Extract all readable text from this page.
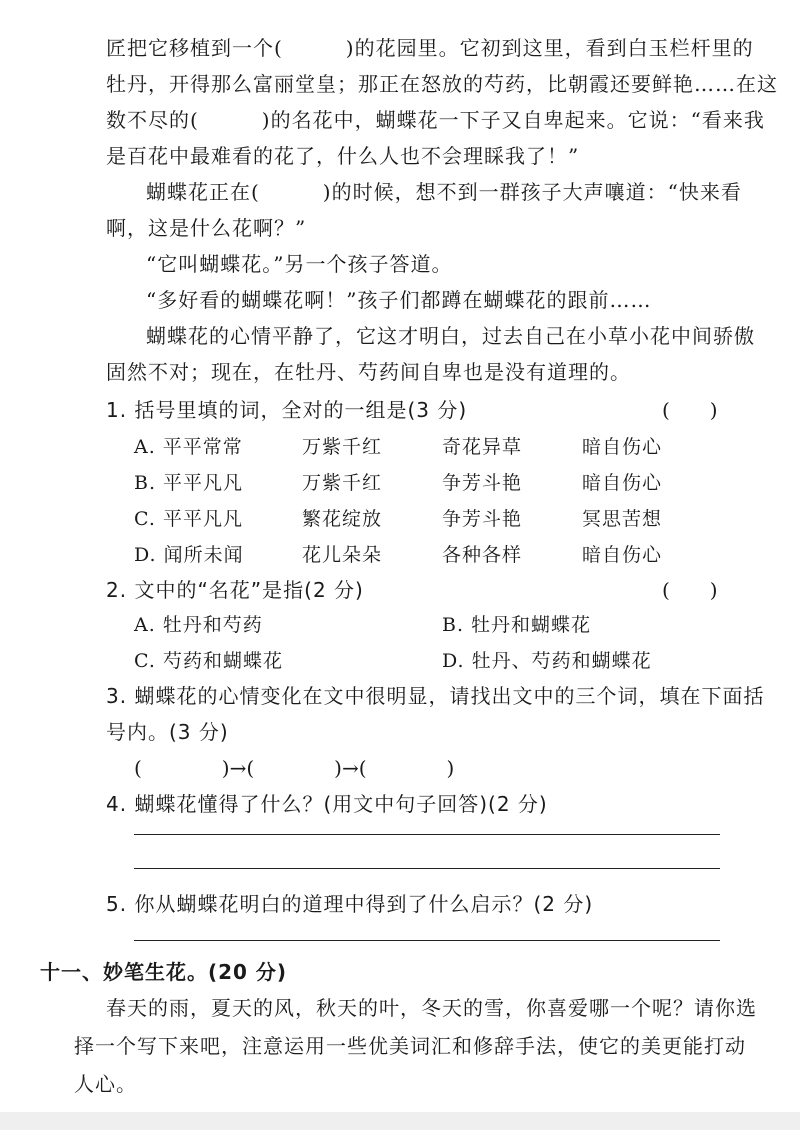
匠把它移植到一个(　　　)的花园里。它初到这里，看到白玉栏杆里的
牡丹，开得那么富丽堂皇；那正在怒放的芍药，比朝霞还要鲜艳……在这
数不尽的(　　　)的名花中，蝴蝶花一下子又自卑起来。它说：“看来我
是百花中最难看的花了，什么人也不会理睬我了！”
蝴蝶花正在(　　　)的时候，想不到一群孩子大声嚷道：“快来看
啊，这是什么花啊？”
“它叫蝴蝶花。”另一个孩子答道。
“多好看的蝴蝶花啊！”孩子们都蹲在蝴蝶花的跟前……
蝴蝶花的心情平静了，它这才明白，过去自己在小草小花中间骄傲
固然不对；现在，在牡丹、芍药间自卑也是没有道理的。
1. 括号里填的词，全对的一组是(3 分)	(　　)
A. 平平常常	万紫千红	奇花异草	暗自伤心
B. 平平凡凡	万紫千红	争芳斗艳	暗自伤心
C. 平平凡凡	繁花绽放	争芳斗艳	冥思苦想
D. 闻所未闻	花儿朵朵	各种各样	暗自伤心
2. 文中的“名花”是指(2 分)	(　　)
A. 牡丹和芍药	B. 牡丹和蝴蝶花
C. 芍药和蝴蝶花	D. 牡丹、芍药和蝴蝶花
3. 蝴蝶花的心情变化在文中很明显，请找出文中的三个词，填在下面括
号内。(3 分)
(　　　　)→(　　　　)→(　　　　)
4. 蝴蝶花懂得了什么？(用文中句子回答)(2 分)
5. 你从蝴蝶花明白的道理中得到了什么启示？(2 分)
十一、妙笔生花。(20 分)
春天的雨，夏天的风，秋天的叶，冬天的雪，你喜爱哪一个呢？请你选
择一个写下来吧，注意运用一些优美词汇和修辞手法，使它的美更能打动
人心。
